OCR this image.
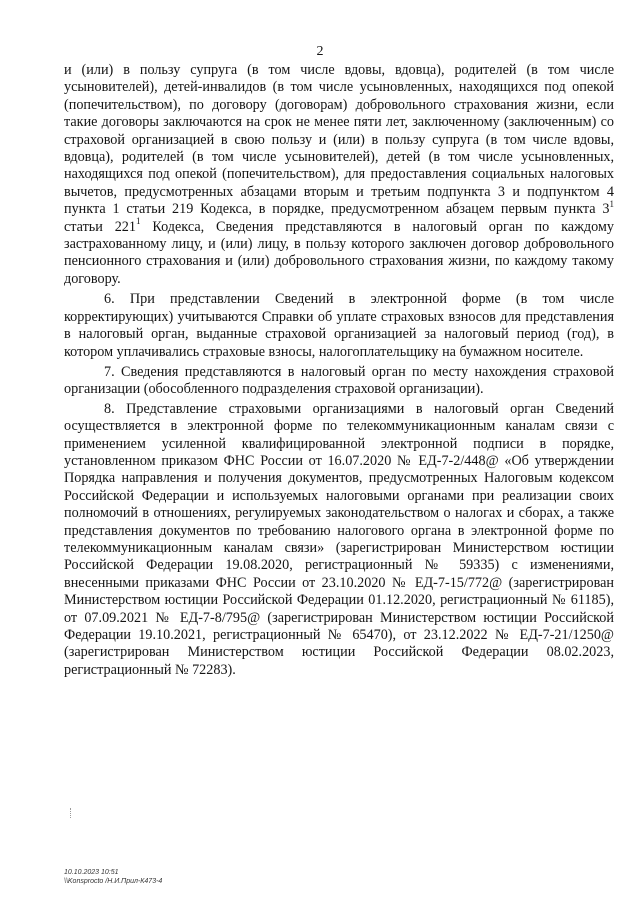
2

и (или) в пользу супруга (в том числе вдовы, вдовца), родителей (в том числе усыновителей), детей-инвалидов (в том числе усыновленных, находящихся под опекой (попечительством), по договору (договорам) добровольного страхования жизни, если такие договоры заключаются на срок не менее пяти лет, заключенному (заключенным) со страховой организацией в свою пользу и (или) в пользу супруга (в том числе вдовы, вдовца), родителей (в том числе усыновителей), детей (в том числе усыновленных, находящихся под опекой (попечительством), для предоставления социальных налоговых вычетов, предусмотренных абзацами вторым и третьим подпункта 3 и подпунктом 4 пункта 1 статьи 219 Кодекса, в порядке, предусмотренном абзацем первым пункта $3^1$ статьи $221^1$ Кодекса, Сведения представляются в налоговый орган по каждому застрахованному лицу, и (или) лицу, в пользу которого заключен договор добровольного пенсионного страхования и (или) добровольного страхования жизни, по каждому такому договору.

6. При представлении Сведений в электронной форме (в том числе корректирующих) учитываются Справки об уплате страховых взносов для представления в налоговый орган, выданные страховой организацией за налоговый период (год), в котором уплачивались страховые взносы, налогоплательщику на бумажном носителе.

7. Сведения представляются в налоговый орган по месту нахождения страховой организации (обособленного подразделения страховой организации).

8. Представление страховыми организациями в налоговый орган Сведений осуществляется в электронной форме по телекоммуникационным каналам связи с применением усиленной квалифицированной электронной подписи в порядке, установленном приказом ФНС России от 16.07.2020 № ЕД-7-2/448@ «Об утверждении Порядка направления и получения документов, предусмотренных Налоговым кодексом Российской Федерации и используемых налоговыми органами при реализации своих полномочий в отношениях, регулируемых законодательством о налогах и сборах, а также представления документов по требованию налогового органа в электронной форме по телекоммуникационным каналам связи» (зарегистрирован Министерством юстиции Российской Федерации 19.08.2020, регистрационный № 59335) с изменениями, внесенными приказами ФНС России от 23.10.2020 № ЕД-7-15/772@ (зарегистрирован Министерством юстиции Российской Федерации 01.12.2020, регистрационный № 61185), от 07.09.2021 № ЕД-7-8/795@ (зарегистрирован Министерством юстиции Российской Федерации 19.10.2021, регистрационный № 65470), от 23.12.2022 № ЕД-7-21/1250@ (зарегистрирован Министерством юстиции Российской Федерации 08.02.2023, регистрационный № 72283).

10.10.2023 10:51
\\Konsprocto /Н.И.Прил-К473-4
